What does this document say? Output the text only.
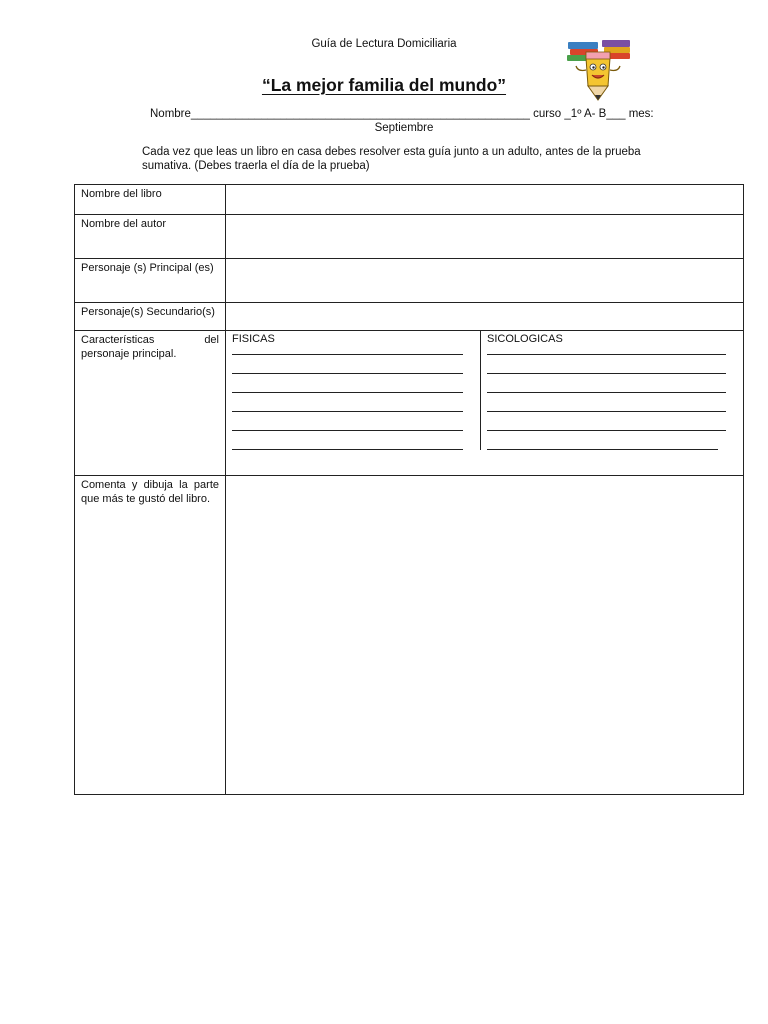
Guía de Lectura Domiciliaria
“La mejor familia del mundo”
Nombre_____________________________________________________ curso _1º A- B___ mes:
Septiembre
Cada vez que leas un libro en casa debes resolver esta guía junto a un adulto, antes de la prueba sumativa. (Debes traerla el día de la prueba)
Nombre del libro	
Nombre del autor	
Personaje (s) Principal (es)	
Personaje(s) Secundario(s)	
Características del personaje principal.	
FISICAS	SICOLOGICAS

Comenta y dibuja la parte que más te gustó del libro.	
